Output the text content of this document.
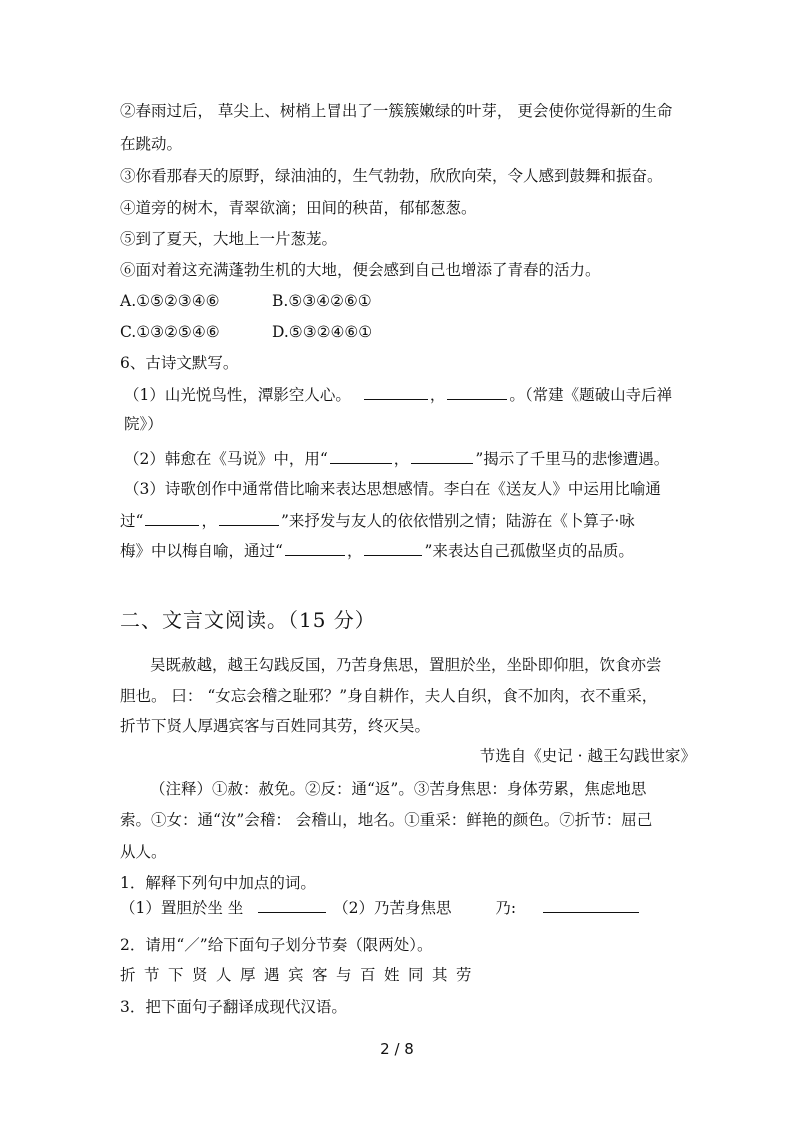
②春雨过后， 草尖上、树梢上冒出了一簇簇嫩绿的叶芽， 更会使你觉得新的生命
在跳动。
③你看那春天的原野，绿油油的，生气勃勃，欣欣向荣，令人感到鼓舞和振奋。
④道旁的树木，青翠欲滴；田间的秧苗，郁郁葱葱。
⑤到了夏天，大地上一片葱茏。
⑥面对着这充满蓬勃生机的大地，便会感到自己也增添了青春的活力。
A.①⑤②③④⑥	B.⑤③④②⑥①
C.①③②⑤④⑥	D.⑤③②④⑥①
6、古诗文默写。
（1）山光悦鸟性，潭影空人心。	，	。（常建《题破山寺后禅
院》）
（2）韩愈在《马说》中，用“	，	”揭示了千里马的悲惨遭遇。
（3）诗歌创作中通常借比喻来表达思想感情。李白在《送友人》中运用比喻通
过“	，	”来抒发与友人的依依惜别之情；陆游在《卜算子·咏
梅》中以梅自喻，通过“	，	”来表达自己孤傲坚贞的品质。
二、文言文阅读。（15 分）
吴既赦越，越王勾践反国，乃苦身焦思，置胆於坐，坐卧即仰胆，饮食亦尝
胆也。 曰： “女忘会稽之耻邪？”身自耕作，夫人自织，食不加肉，衣不重采，
折节下贤人厚遇宾客与百姓同其劳，终灭吴。
节选自《史记 · 越王勾践世家》
（注释）①赦：赦免。②反：通“返”。③苦身焦思：身体劳累，焦虑地思
索。①女：通“汝”会稽： 会稽山，地名。①重采：鲜艳的颜色。⑦折节：屈己
从人。
1．解释下列句中加点的词。
（1）置胆於坐 坐	（2）乃苦身焦思	乃:
2．请用“／”给下面句子划分节奏（限两处）。
折节下贤人厚遇宾客与百姓同其劳
3．把下面句子翻译成现代汉语。
2 / 8
